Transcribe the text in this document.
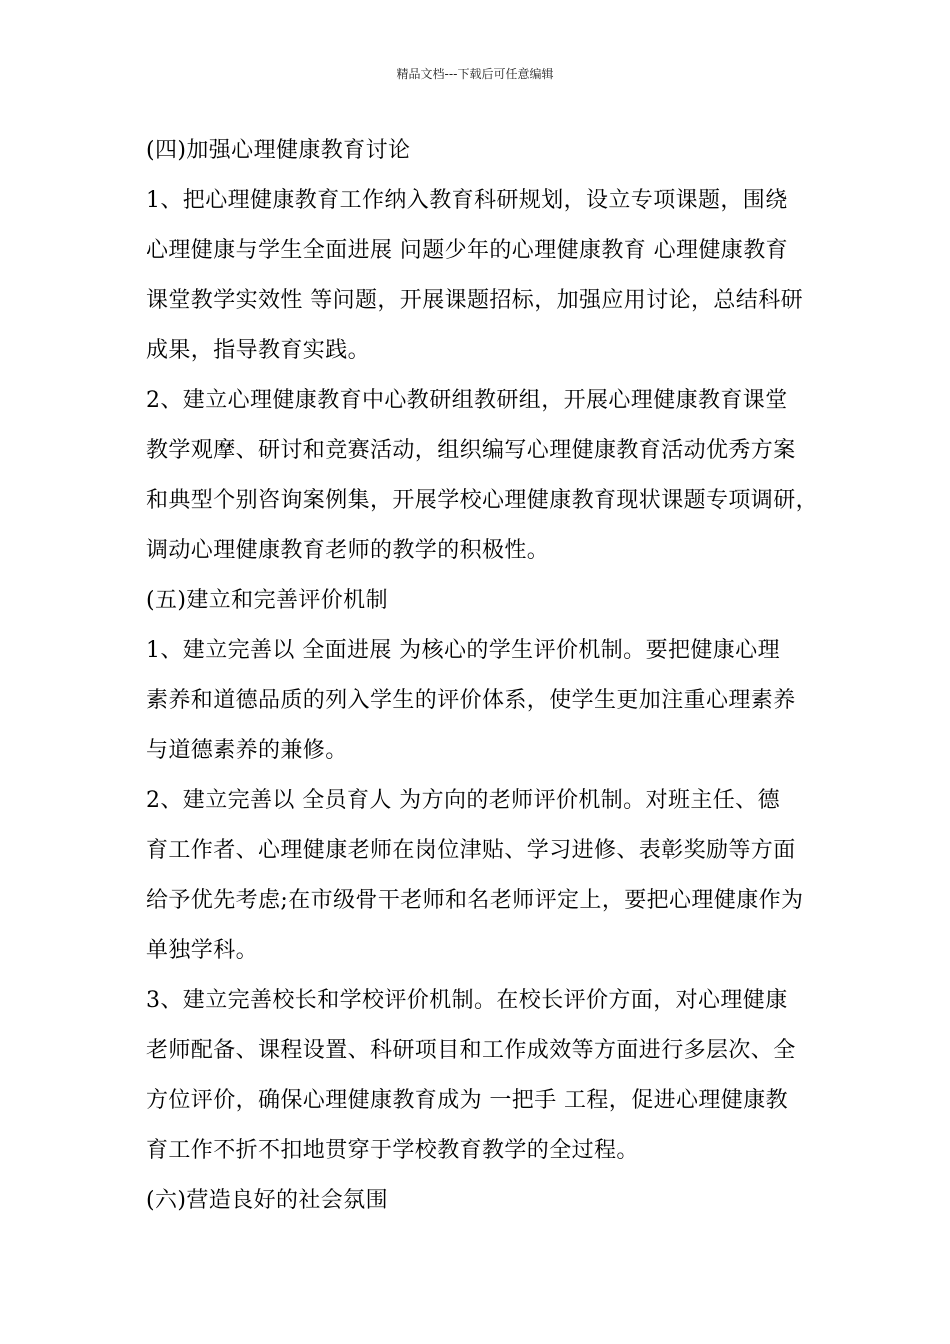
精品文档---下载后可任意编辑
(四)加强心理健康教育讨论
1、把心理健康教育工作纳入教育科研规划，设立专项课题，围绕
心理健康与学生全面进展 问题少年的心理健康教育 心理健康教育
课堂教学实效性 等问题，开展课题招标，加强应用讨论，总结科研
成果，指导教育实践。
2、建立心理健康教育中心教研组教研组，开展心理健康教育课堂
教学观摩、研讨和竞赛活动，组织编写心理健康教育活动优秀方案
和典型个别咨询案例集，开展学校心理健康教育现状课题专项调研，
调动心理健康教育老师的教学的积极性。
(五)建立和完善评价机制
1、建立完善以 全面进展 为核心的学生评价机制。要把健康心理
素养和道德品质的列入学生的评价体系，使学生更加注重心理素养
与道德素养的兼修。
2、建立完善以 全员育人 为方向的老师评价机制。对班主任、德
育工作者、心理健康老师在岗位津贴、学习进修、表彰奖励等方面
给予优先考虑;在市级骨干老师和名老师评定上，要把心理健康作为
单独学科。
3、建立完善校长和学校评价机制。在校长评价方面，对心理健康
老师配备、课程设置、科研项目和工作成效等方面进行多层次、全
方位评价，确保心理健康教育成为 一把手 工程，促进心理健康教
育工作不折不扣地贯穿于学校教育教学的全过程。
(六)营造良好的社会氛围
